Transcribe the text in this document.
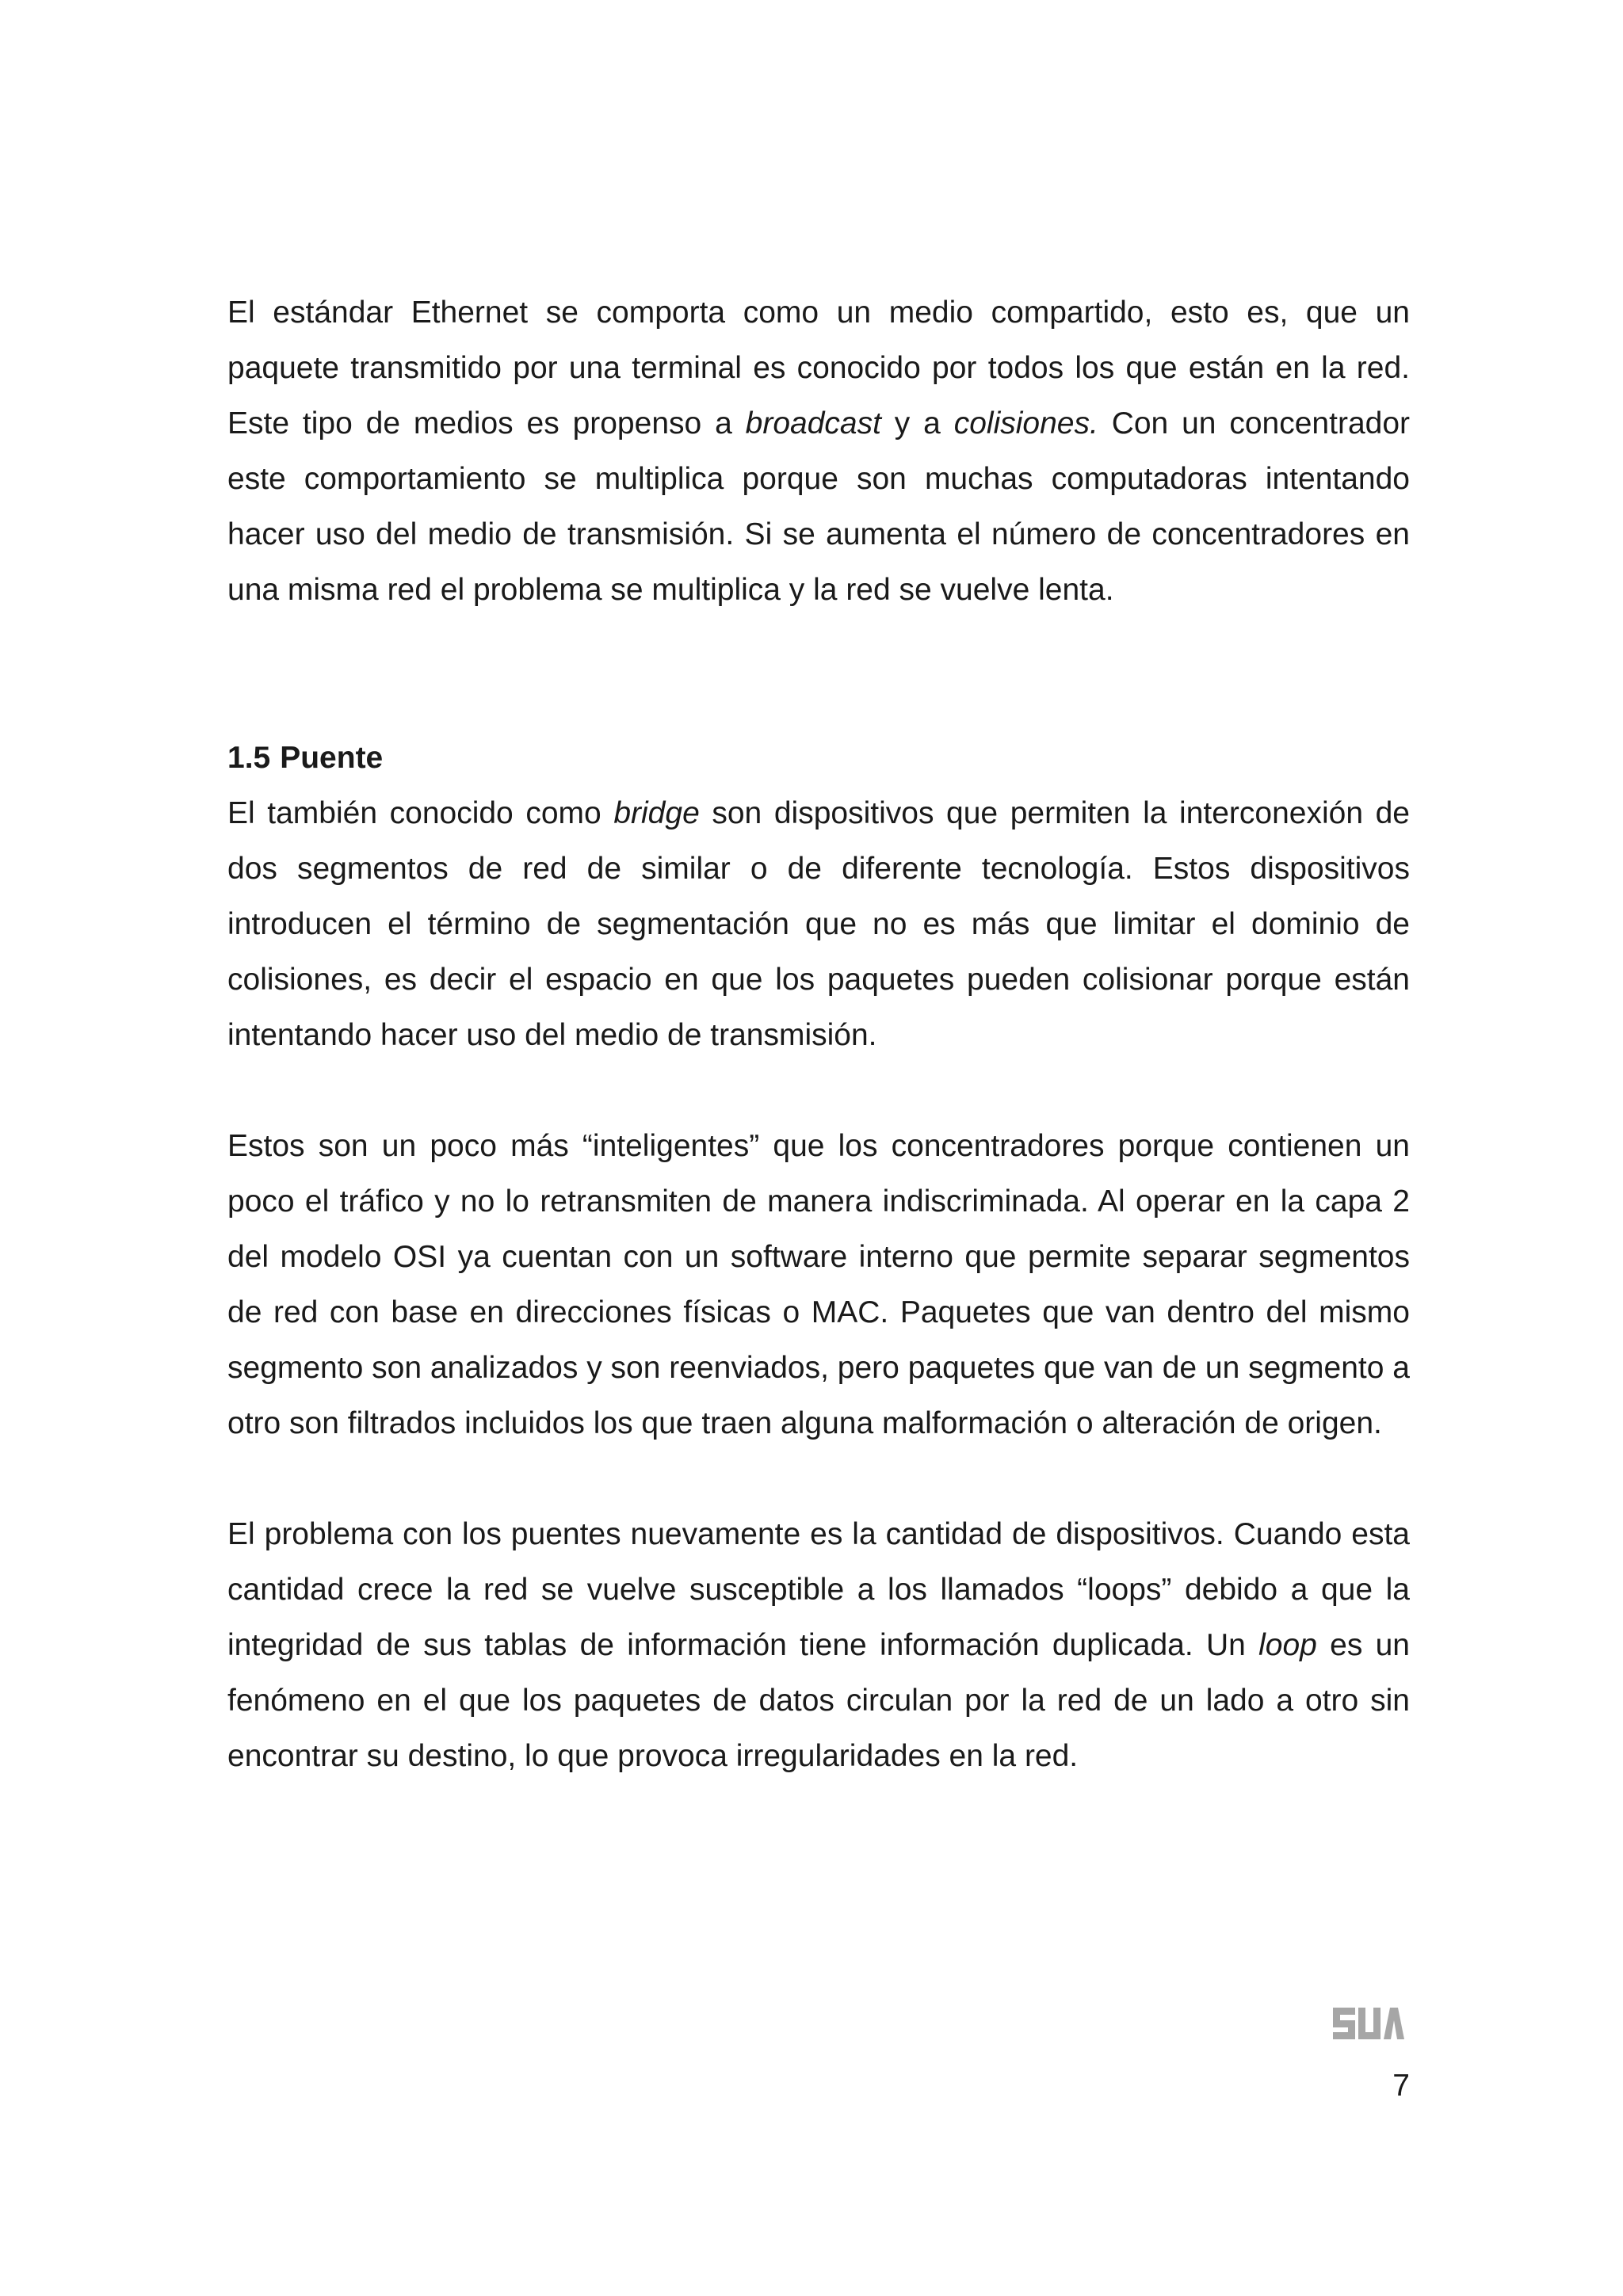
El estándar Ethernet se comporta como un medio compartido, esto es, que un paquete transmitido por una terminal es conocido por todos los que están en la red. Este tipo de medios es propenso a broadcast y a colisiones. Con un concentrador este comportamiento se multiplica porque son muchas computadoras intentando hacer uso del medio de transmisión. Si se aumenta el número de concentradores en una misma red el problema se multiplica y la red se vuelve lenta.

1.5 Puente

El también conocido como bridge son dispositivos que permiten la interconexión de dos segmentos de red de similar o de diferente tecnología. Estos dispositivos introducen el término de segmentación que no es más que limitar el dominio de colisiones, es decir el espacio en que los paquetes pueden colisionar porque están intentando hacer uso del medio de transmisión.

Estos son un poco más “inteligentes” que los concentradores porque contienen un poco el tráfico y no lo retransmiten de manera indiscriminada. Al operar en la capa 2 del modelo OSI ya cuentan con un software interno que permite separar segmentos de red con base en direcciones físicas o MAC. Paquetes que van dentro del mismo segmento son analizados y son reenviados, pero paquetes que van de un segmento a otro son filtrados incluidos los que traen alguna malformación o alteración de origen.

El problema con los puentes nuevamente es la cantidad de dispositivos. Cuando esta cantidad crece la red se vuelve susceptible a los llamados “loops” debido a que la integridad de sus tablas de información tiene información duplicada. Un loop es un fenómeno en el que los paquetes de datos circulan por la red de un lado a otro sin encontrar su destino, lo que provoca irregularidades en la red.

7
